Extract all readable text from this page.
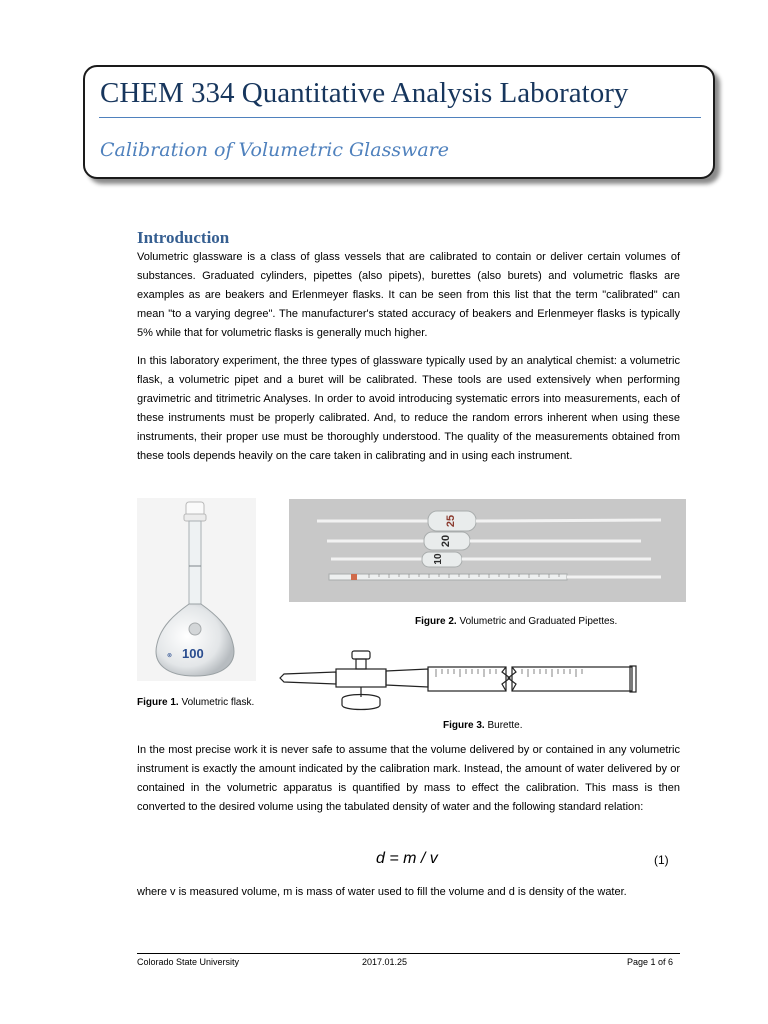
CHEM 334 Quantitative Analysis Laboratory
Calibration of Volumetric Glassware
Introduction

Volumetric glassware is a class of glass vessels that are calibrated to contain or deliver certain volumes of substances. Graduated cylinders, pipettes (also pipets), burettes (also burets) and volumetric flasks are examples as are beakers and Erlenmeyer flasks. It can be seen from this list that the term "calibrated" can mean "to a varying degree". The manufacturer's stated accuracy of beakers and Erlenmeyer flasks is typically 5% while that for volumetric flasks is generally much higher.

In this laboratory experiment, the three types of glassware typically used by an analytical chemist: a volumetric flask, a volumetric pipet and a buret will be calibrated. These tools are used extensively when performing gravimetric and titrimetric Analyses. In order to avoid introducing systematic errors into measurements, each of these instruments must be properly calibrated. And, to reduce the random errors inherent when using these instruments, their proper use must be thoroughly understood. The quality of the measurements obtained from these tools depends heavily on the care taken in calibrating and in using each instrument.

100
⊗
Figure 1. Volumetric flask.
25
20
10
Figure 2. Volumetric and Graduated Pipettes.
Figure 3. Burette.

In the most precise work it is never safe to assume that the volume delivered by or contained in any volumetric instrument is exactly the amount indicated by the calibration mark. Instead, the amount of water delivered by or contained in the volumetric apparatus is quantified by mass to effect the calibration. This mass is then converted to the desired volume using the tabulated density of water and the following standard relation:

d = m / v	(1)

where v is measured volume, m is mass of water used to fill the volume and d is density of the water.

Colorado State University	2017.01.25	Page 1 of 6
